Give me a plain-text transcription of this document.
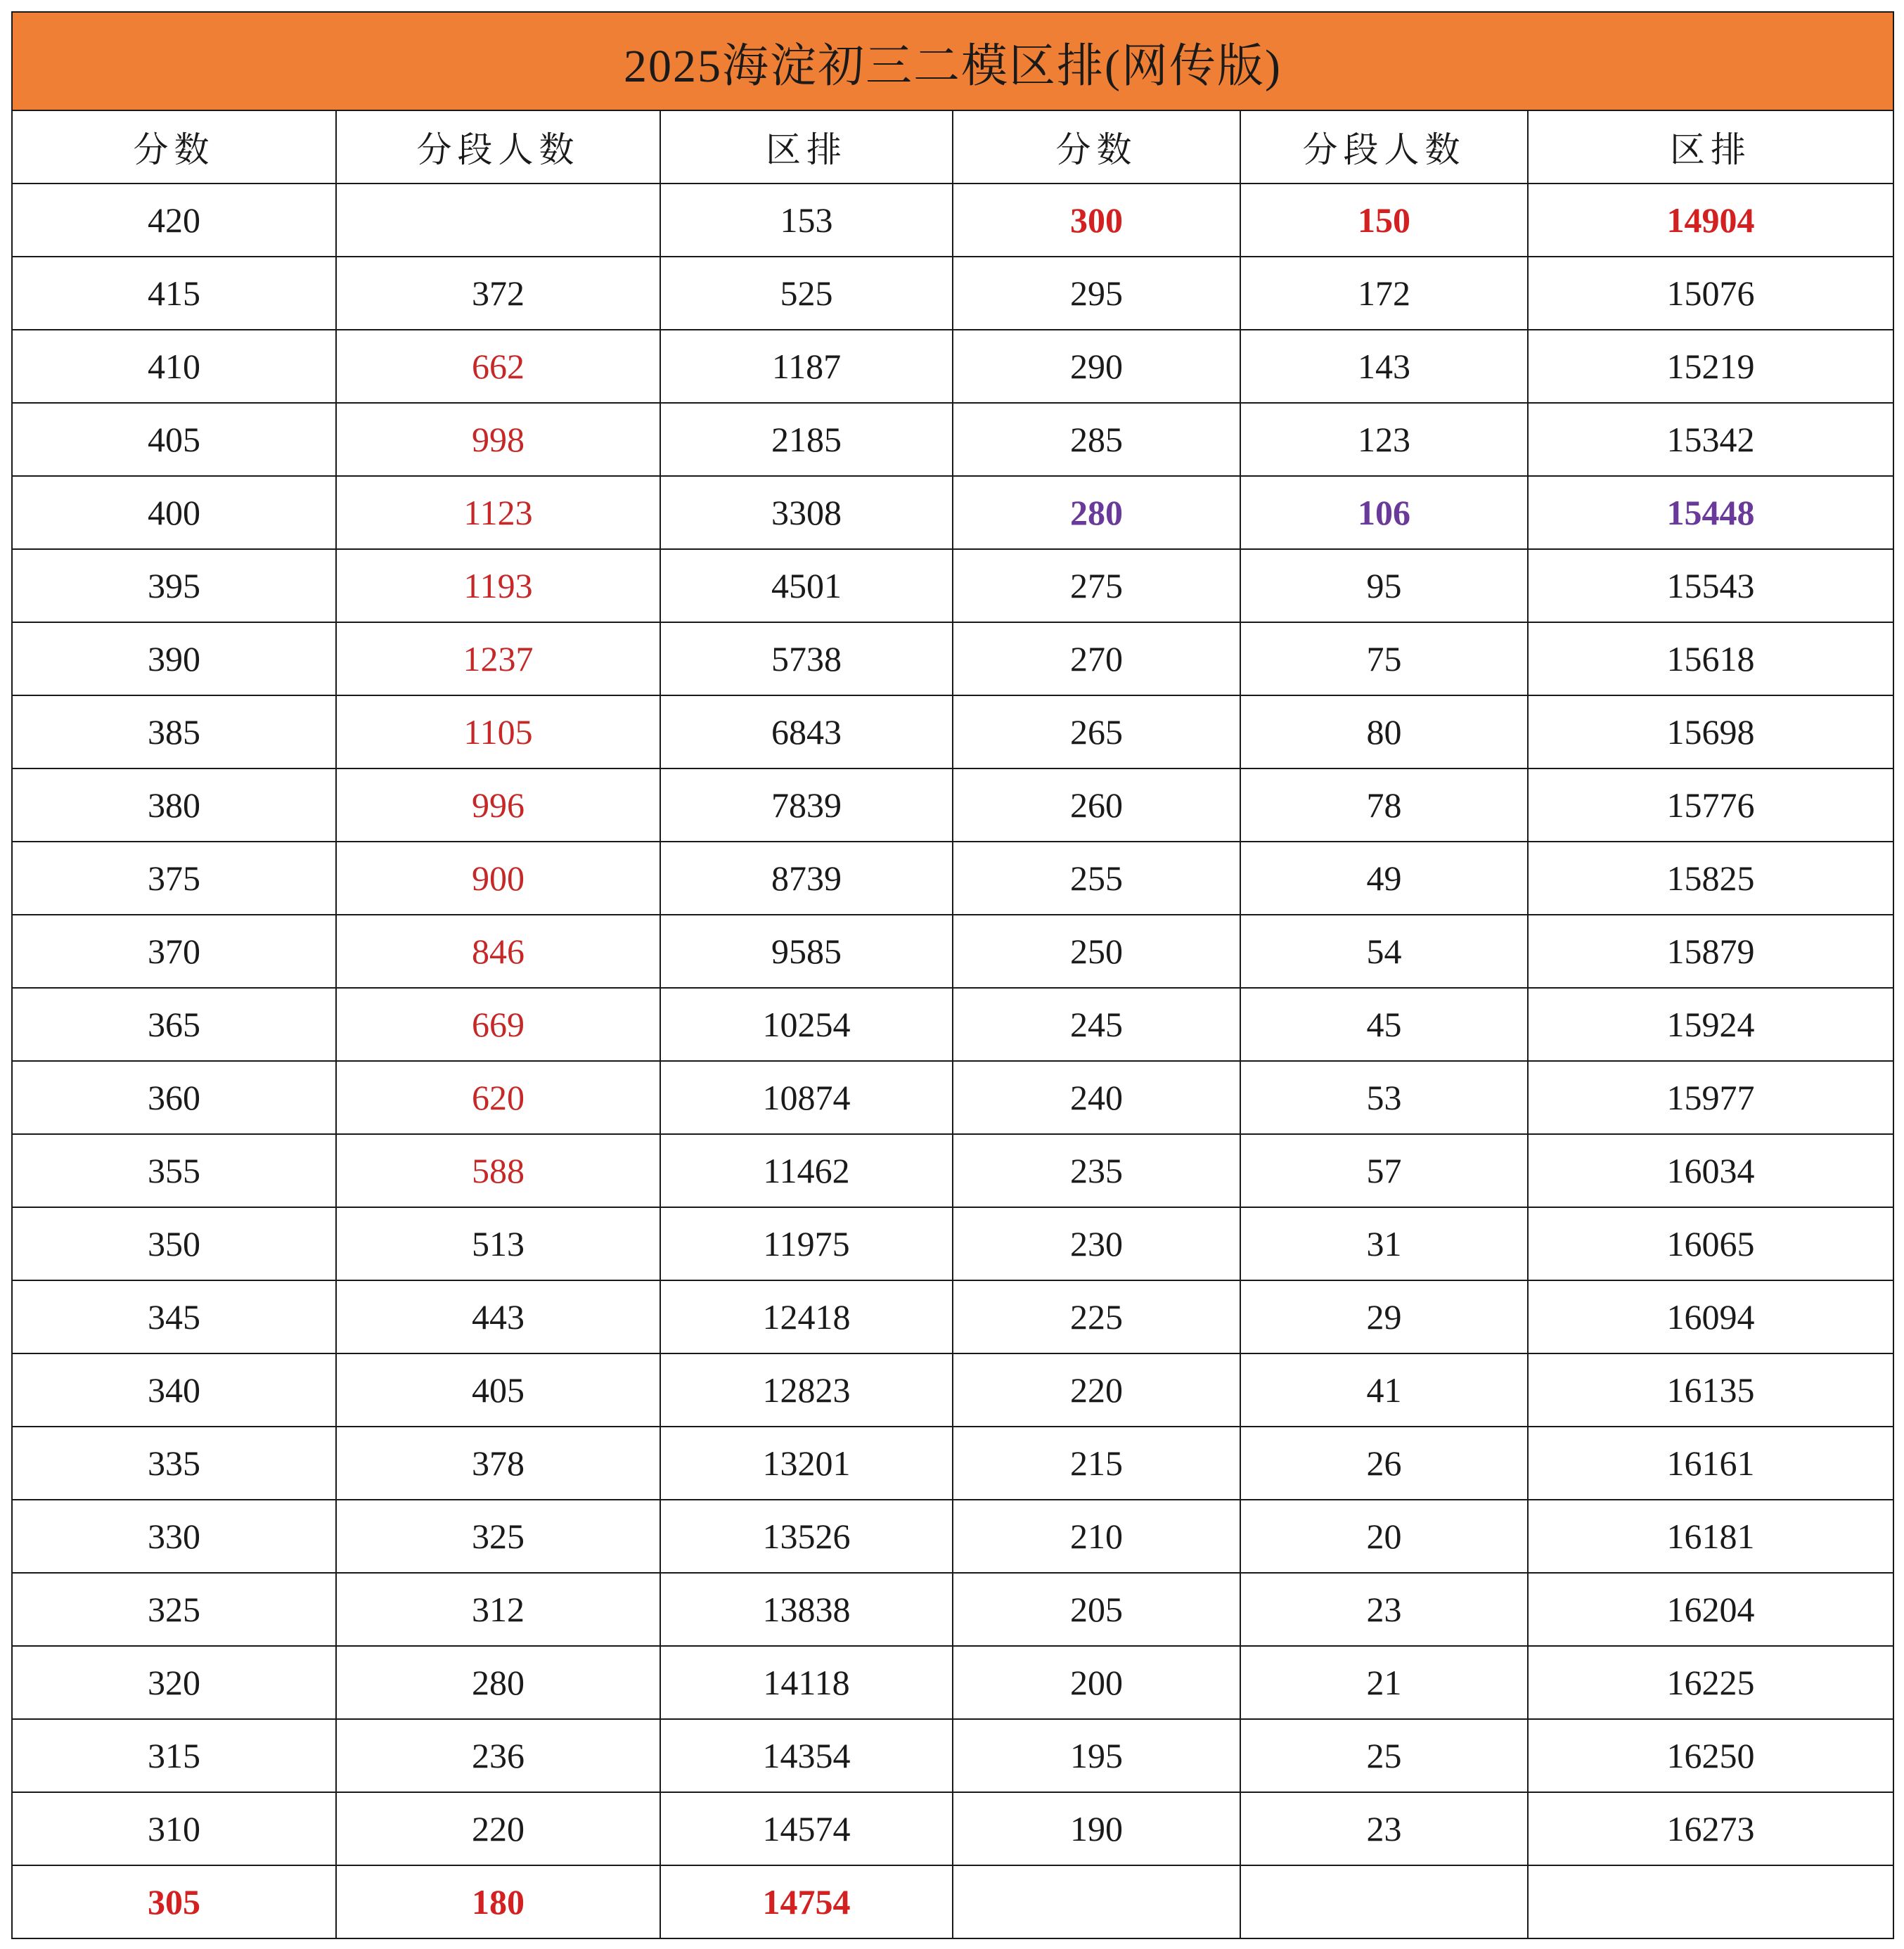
2025海淀初三二模区排(网传版)					
分数	分段人数	区排	分数	分段人数	区排
420		153	300	150	14904
415	372	525	295	172	15076
410	662	1187	290	143	15219
405	998	2185	285	123	15342
400	1123	3308	280	106	15448
395	1193	4501	275	95	15543
390	1237	5738	270	75	15618
385	1105	6843	265	80	15698
380	996	7839	260	78	15776
375	900	8739	255	49	15825
370	846	9585	250	54	15879
365	669	10254	245	45	15924
360	620	10874	240	53	15977
355	588	11462	235	57	16034
350	513	11975	230	31	16065
345	443	12418	225	29	16094
340	405	12823	220	41	16135
335	378	13201	215	26	16161
330	325	13526	210	20	16181
325	312	13838	205	23	16204
320	280	14118	200	21	16225
315	236	14354	195	25	16250
310	220	14574	190	23	16273
305	180	14754			
